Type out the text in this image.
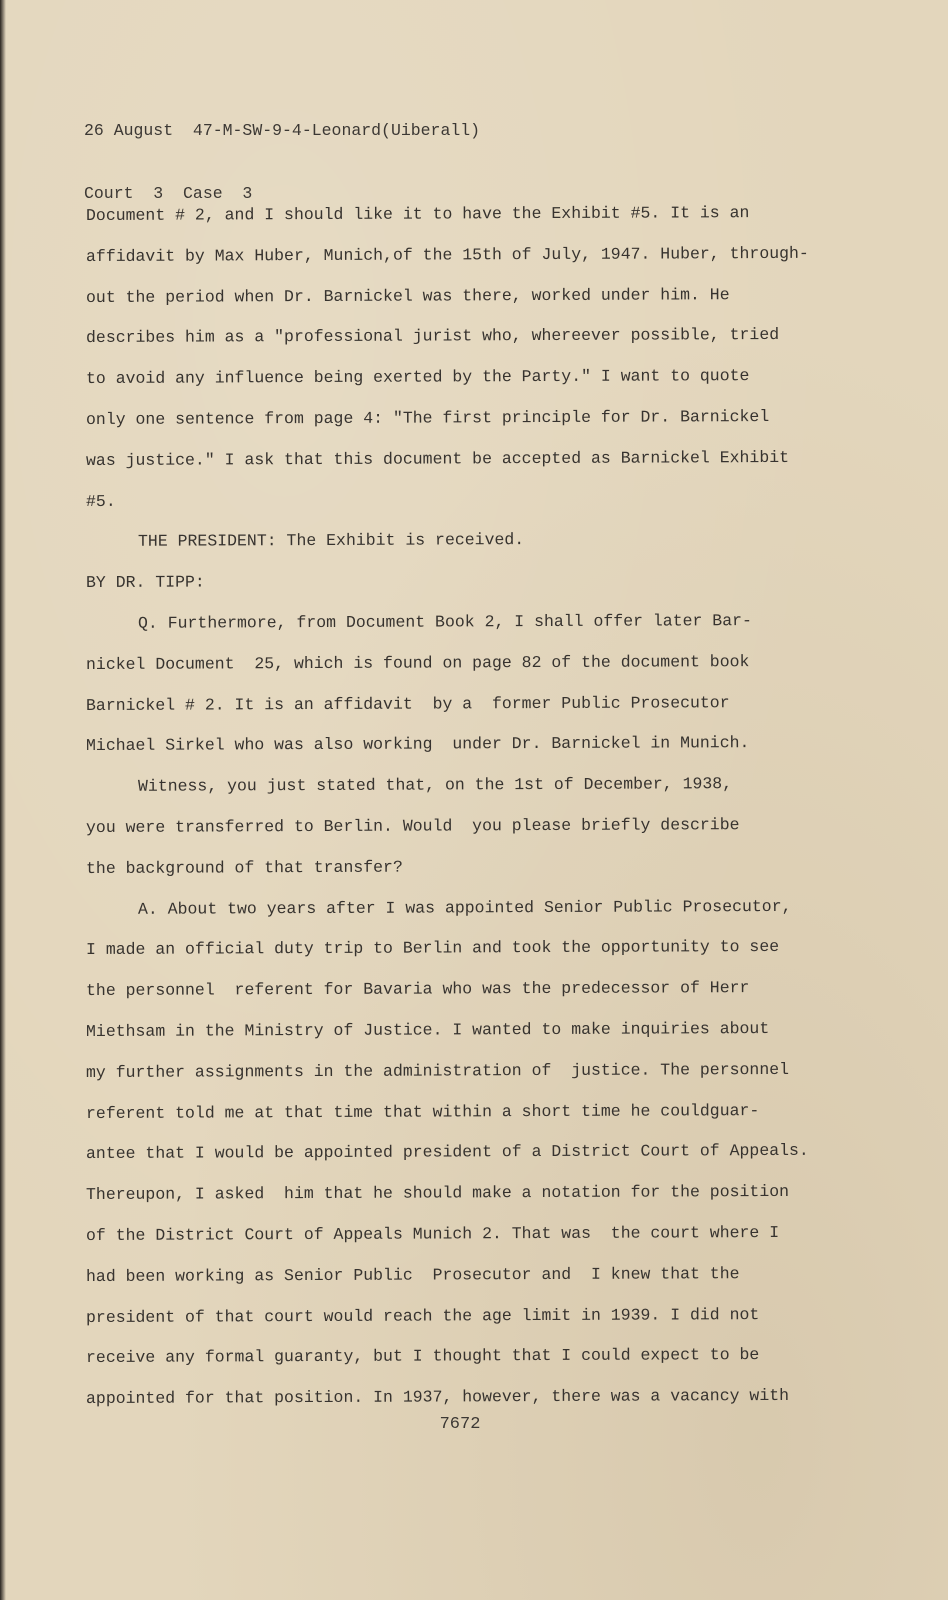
26 August  47-M-SW-9-4-Leonard(Uiberall)

Court  3  Case  3

Document # 2, and I should like it to have the Exhibit #5. It is an
affidavit by Max Huber, Munich,of the 15th of July, 1947. Huber, through-
out the period when Dr. Barnickel was there, worked under him. He
describes him as a "professional jurist who, whereever possible, tried
to avoid any influence being exerted by the Party." I want to quote
only one sentence from page 4: "The first principle for Dr. Barnickel
was justice." I ask that this document be accepted as Barnickel Exhibit
#5.
THE PRESIDENT: The Exhibit is received.
BY DR. TIPP:
Q. Furthermore, from Document Book 2, I shall offer later Bar-
nickel Document  25, which is found on page 82 of the document book
Barnickel # 2. It is an affidavit  by a  former Public Prosecutor
Michael Sirkel who was also working  under Dr. Barnickel in Munich.
Witness, you just stated that, on the 1st of December, 1938,
you were transferred to Berlin. Would  you please briefly describe
the background of that transfer?
A. About two years after I was appointed Senior Public Prosecutor,
I made an official duty trip to Berlin and took the opportunity to see
the personnel  referent for Bavaria who was the predecessor of Herr
Miethsam in the Ministry of Justice. I wanted to make inquiries about
my further assignments in the administration of  justice. The personnel
referent told me at that time that within a short time he couldguar-
antee that I would be appointed president of a District Court of Appeals.
Thereupon, I asked  him that he should make a notation for the position
of the District Court of Appeals Munich 2. That was  the court where I
had been working as Senior Public  Prosecutor and  I knew that the
president of that court would reach the age limit in 1939. I did not
receive any formal guaranty, but I thought that I could expect to be
appointed for that position. In 1937, however, there was a vacancy with
7672
